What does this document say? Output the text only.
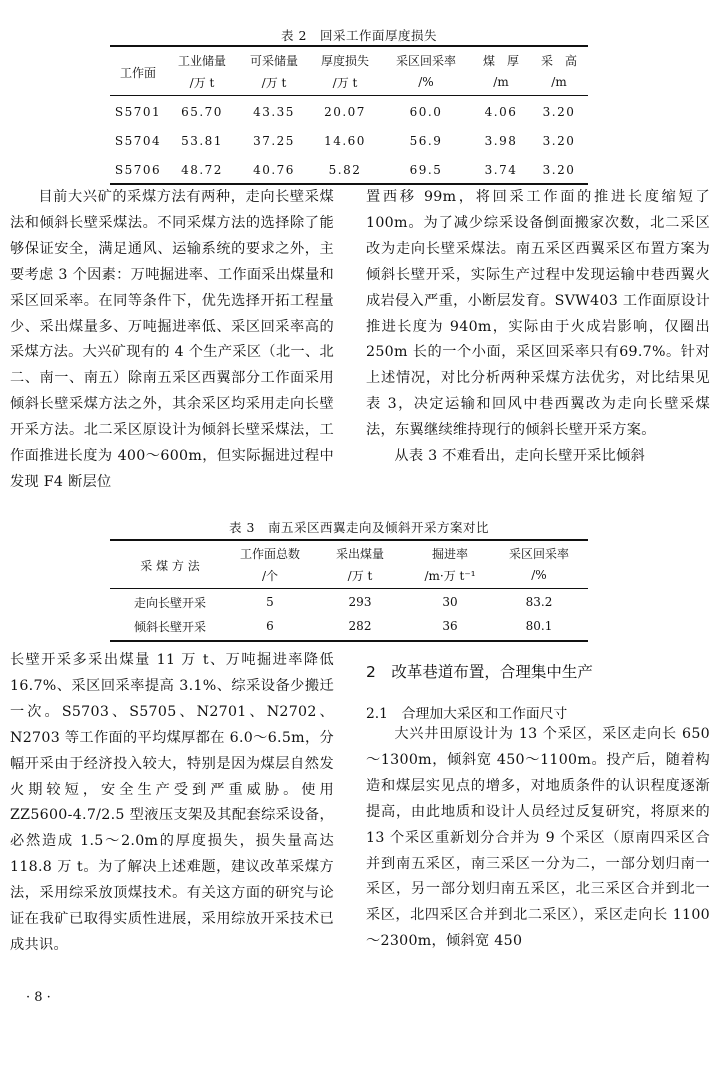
表 2　回采工作面厚度损失
工作面	工业储量	可采储量	厚度损失	采区回采率	煤　厚	采　高
	/万 t	/万 t	/万 t	/%	/m	/m
S5701	65.70	43.35	20.07	60.0	4.06	3.20
S5704	53.81	37.25	14.60	56.9	3.98	3.20
S5706	48.72	40.76	5.82	69.5	3.74	3.20

目前大兴矿的采煤方法有两种，走向长壁采煤法和倾斜长壁采煤法。不同采煤方法的选择除了能够保证安全，满足通风、运输系统的要求之外，主要考虑 3 个因素：万吨掘进率、工作面采出煤量和采区回采率。在同等条件下，优先选择开拓工程量少、采出煤量多、万吨掘进率低、采区回采率高的采煤方法。大兴矿现有的 4 个生产采区（北一、北二、南一、南五）除南五采区西翼部分工作面采用倾斜长壁采煤方法之外，其余采区均采用走向长壁开采方法。北二采区原设计为倾斜长壁采煤法，工作面推进长度为 400～600m，但实际掘进过程中发现 F4 断层位

置西移 99m，将回采工作面的推进长度缩短了 100m。为了减少综采设备倒面搬家次数，北二采区改为走向长壁采煤法。南五采区西翼采区布置方案为倾斜长壁开采，实际生产过程中发现运输中巷西翼火成岩侵入严重，小断层发育。SVW403 工作面原设计推进长度为 940m，实际由于火成岩影响，仅圈出250m 长的一个小面，采区回采率只有69.7%。针对上述情况，对比分析两种采煤方法优劣，对比结果见表 3，决定运输和回风中巷西翼改为走向长壁采煤法，东翼继续维持现行的倾斜长壁开采方案。

从表 3 不难看出，走向长壁开采比倾斜

表 3　南五采区西翼走向及倾斜开采方案对比
采 煤 方 法	工作面总数	采出煤量	掘进率	采区回采率
	/个	/万 t	/m·万 t⁻¹	/%
走向长壁开采	5	293	30	83.2
倾斜长壁开采	6	282	36	80.1

长壁开采多采出煤量 11 万 t、万吨掘进率降低 16.7%、采区回采率提高 3.1%、综采设备少搬迁一次。S5703、S5705、N2701、N2702、N2703 等工作面的平均煤厚都在 6.0～6.5m，分幅开采由于经济投入较大，特别是因为煤层自然发火期较短，安全生产受到严重威胁。使用 ZZ5600-4.7/2.5 型液压支架及其配套综采设备，必然造成 1.5～2.0m的厚度损失，损失量高达 118.8 万 t。为了解决上述难题，建议改革采煤方法，采用综采放顶煤技术。有关这方面的研究与论证在我矿已取得实质性进展，采用综放开采技术已成共识。

2　改革巷道布置，合理集中生产
2.1　合理加大采区和工作面尺寸

大兴井田原设计为 13 个采区，采区走向长 650～1300m，倾斜宽 450～1100m。投产后，随着构造和煤层实见点的增多，对地质条件的认识程度逐渐提高，由此地质和设计人员经过反复研究，将原来的 13 个采区重新划分合并为 9 个采区（原南四采区合并到南五采区，南三采区一分为二，一部分划归南一采区，另一部分划归南五采区，北三采区合并到北一采区，北四采区合并到北二采区），采区走向长 1100～2300m，倾斜宽 450

· 8 ·
